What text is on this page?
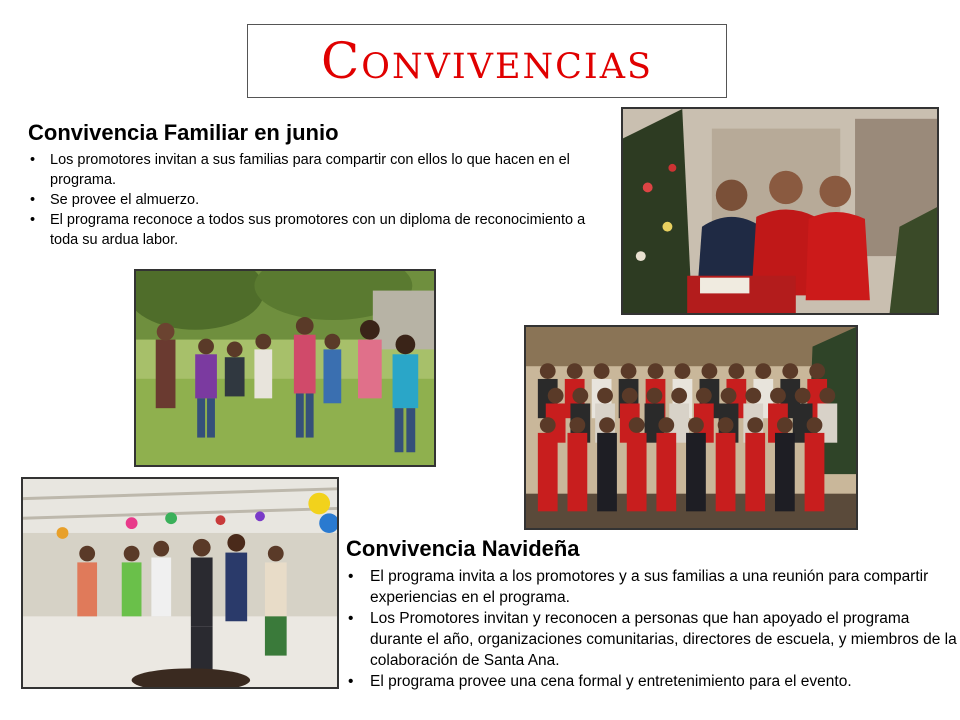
Convivencias
Convivencia Familiar en junio
• Los promotores invitan a sus familias para compartir con ellos lo que hacen en el programa.
• Se provee el almuerzo.
• El programa reconoce a todos sus promotores con un diploma de reconocimiento a toda su ardua labor.
Convivencia Navideña
• El programa invita a los promotores y a sus familias a una reunión para compartir experiencias en el programa.
• Los Promotores invitan y reconocen a personas que han apoyado el programa durante el año, organizaciones comunitarias, directores de escuela, y miembros de la colaboración de Santa Ana.
• El programa provee una cena formal y entretenimiento para el evento.
